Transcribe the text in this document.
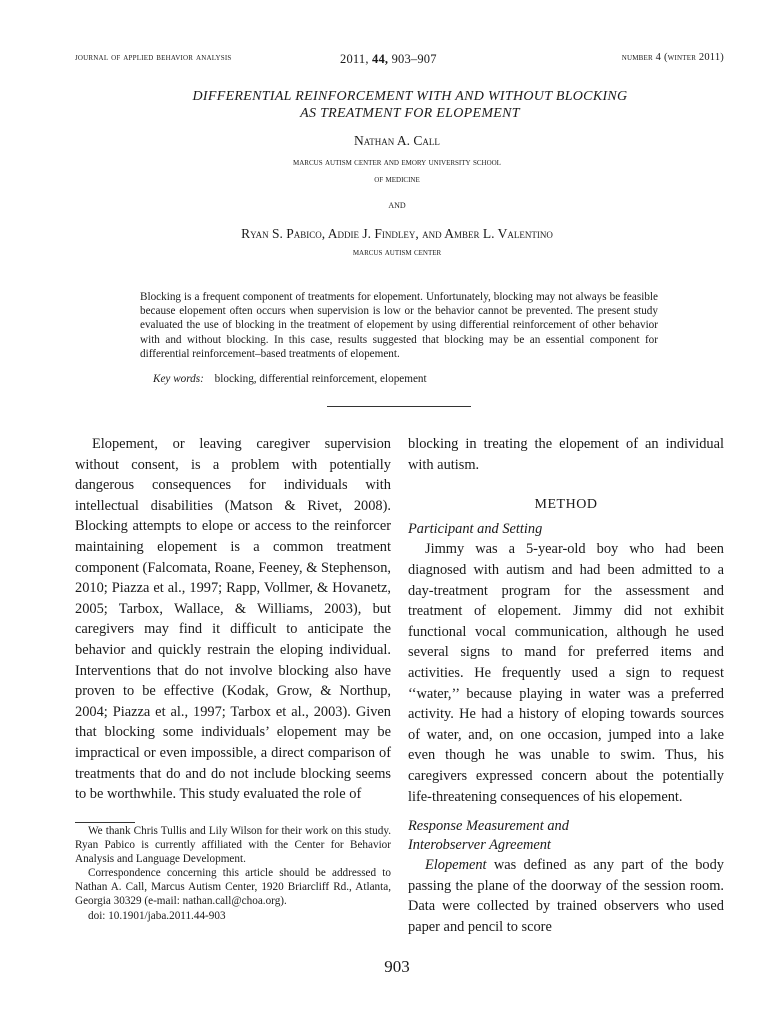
journal of applied behavior analysis	2011, 44, 903–907	number 4 (winter 2011)
DIFFERENTIAL REINFORCEMENT WITH AND WITHOUT BLOCKING
AS TREATMENT FOR ELOPEMENT
Nathan A. Call
marcus autism center and emory university school
of medicine
and
Ryan S. Pabico, Addie J. Findley, and Amber L. Valentino
marcus autism center
Blocking is a frequent component of treatments for elopement. Unfortunately, blocking may not always be feasible because elopement often occurs when supervision is low or the behavior cannot be prevented. The present study evaluated the use of blocking in the treatment of elopement by using differential reinforcement of other behavior with and without blocking. In this case, results suggested that blocking may be an essential component for differential reinforcement–based treatments of elopement.
Key words: blocking, differential reinforcement, elopement

Elopement, or leaving caregiver supervision without consent, is a problem with potentially dangerous consequences for individuals with intellectual disabilities (Matson & Rivet, 2008). Blocking attempts to elope or access to the reinforcer maintaining elopement is a common treatment component (Falcomata, Roane, Feeney, & Stephenson, 2010; Piazza et al., 1997; Rapp, Vollmer, & Hovanetz, 2005; Tarbox, Wallace, & Williams, 2003), but caregivers may find it difficult to anticipate the behavior and quickly restrain the eloping individual. Interventions that do not involve blocking also have proven to be effective (Kodak, Grow, & Northup, 2004; Piazza et al., 1997; Tarbox et al., 2003). Given that blocking some individuals’ elopement may be impractical or even impossible, a direct comparison of treatments that do and do not include blocking seems to be worthwhile. This study evaluated the role of

We thank Chris Tullis and Lily Wilson for their work on this study. Ryan Pabico is currently affiliated with the Center for Behavior Analysis and Language Development.

Correspondence concerning this article should be addressed to Nathan A. Call, Marcus Autism Center, 1920 Briarcliff Rd., Atlanta, Georgia 30329 (e-mail: nathan.call@choa.org).

doi: 10.1901/jaba.2011.44-903

blocking in treating the elopement of an individual with autism.

METHOD
Participant and Setting

Jimmy was a 5-year-old boy who had been diagnosed with autism and had been admitted to a day-treatment program for the assessment and treatment of elopement. Jimmy did not exhibit functional vocal communication, although he used several signs to mand for preferred items and activities. He frequently used a sign to request ‘‘water,’’ because playing in water was a preferred activity. He had a history of eloping towards sources of water, and, on one occasion, jumped into a lake even though he was unable to swim. Thus, his caregivers expressed concern about the potentially life-threatening consequences of his elopement.

Response Measurement and
Interobserver Agreement

Elopement was defined as any part of the body passing the plane of the doorway of the session room. Data were collected by trained observers who used paper and pencil to score

903
